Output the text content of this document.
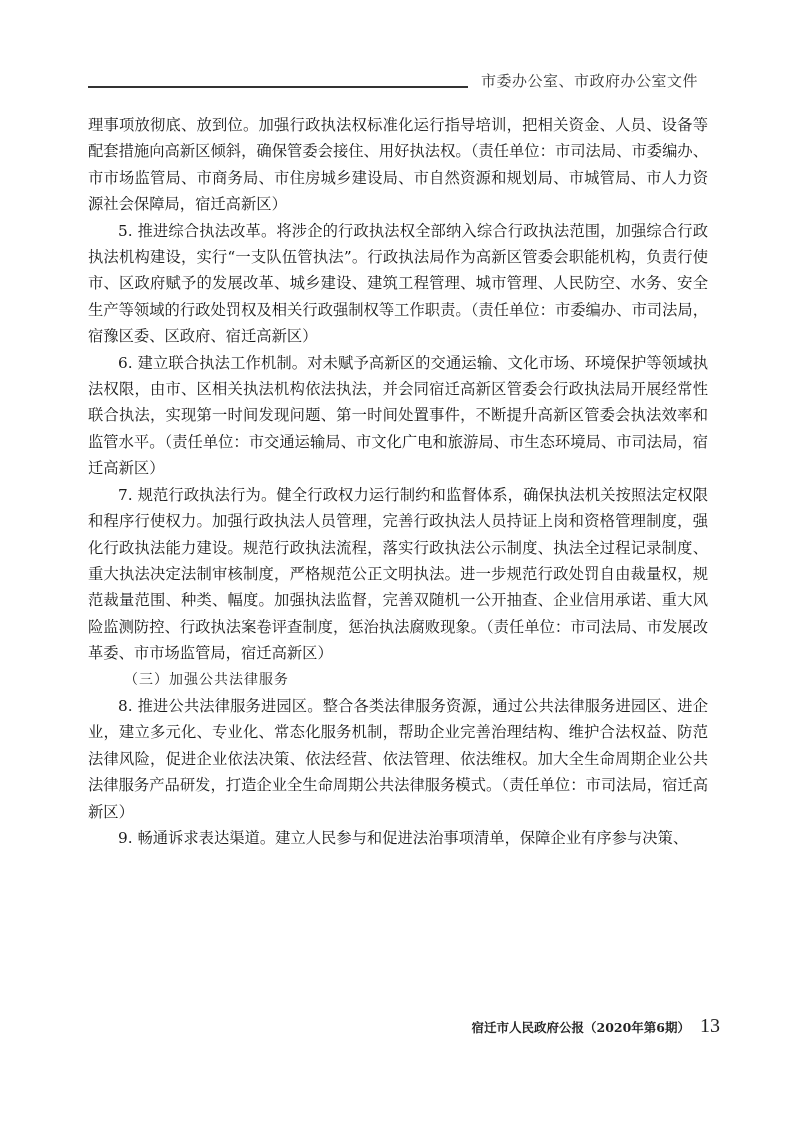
市委办公室、市政府办公室文件

理事项放彻底、放到位。加强行政执法权标准化运行指导培训，把相关资金、人员、设备等配套措施向高新区倾斜，确保管委会接住、用好执法权。（责任单位：市司法局、市委编办、市市场监管局、市商务局、市住房城乡建设局、市自然资源和规划局、市城管局、市人力资源社会保障局，宿迁高新区）

5. 推进综合执法改革。将涉企的行政执法权全部纳入综合行政执法范围，加强综合行政执法机构建设，实行“一支队伍管执法”。行政执法局作为高新区管委会职能机构，负责行使市、区政府赋予的发展改革、城乡建设、建筑工程管理、城市管理、人民防空、水务、安全生产等领域的行政处罚权及相关行政强制权等工作职责。（责任单位：市委编办、市司法局，宿豫区委、区政府、宿迁高新区）

6. 建立联合执法工作机制。对未赋予高新区的交通运输、文化市场、环境保护等领域执法权限，由市、区相关执法机构依法执法，并会同宿迁高新区管委会行政执法局开展经常性联合执法，实现第一时间发现问题、第一时间处置事件，不断提升高新区管委会执法效率和监管水平。（责任单位：市交通运输局、市文化广电和旅游局、市生态环境局、市司法局，宿迁高新区）

7. 规范行政执法行为。健全行政权力运行制约和监督体系，确保执法机关按照法定权限和程序行使权力。加强行政执法人员管理，完善行政执法人员持证上岗和资格管理制度，强化行政执法能力建设。规范行政执法流程，落实行政执法公示制度、执法全过程记录制度、重大执法决定法制审核制度，严格规范公正文明执法。进一步规范行政处罚自由裁量权，规范裁量范围、种类、幅度。加强执法监督，完善双随机一公开抽查、企业信用承诺、重大风险监测防控、行政执法案卷评查制度，惩治执法腐败现象。（责任单位：市司法局、市发展改革委、市市场监管局，宿迁高新区）

（三）加强公共法律服务

8. 推进公共法律服务进园区。整合各类法律服务资源，通过公共法律服务进园区、进企业，建立多元化、专业化、常态化服务机制，帮助企业完善治理结构、维护合法权益、防范法律风险，促进企业依法决策、依法经营、依法管理、依法维权。加大全生命周期企业公共法律服务产品研发，打造企业全生命周期公共法律服务模式。（责任单位：市司法局，宿迁高新区）

9. 畅通诉求表达渠道。建立人民参与和促进法治事项清单，保障企业有序参与决策、

宿迁市人民政府公报（2020年第6期） 13
